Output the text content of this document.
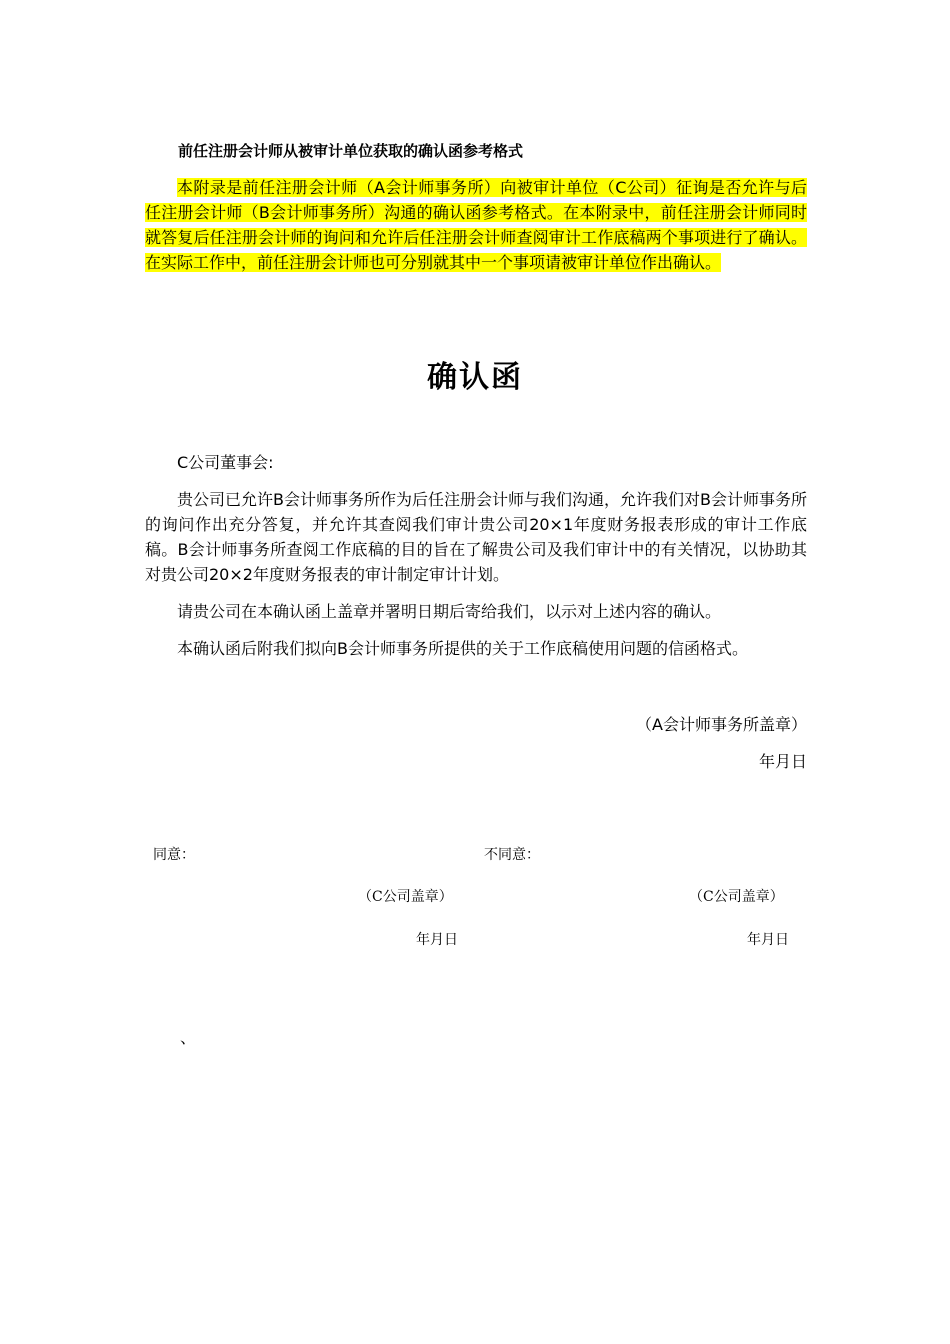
前任注册会计师从被审计单位获取的确认函参考格式
本附录是前任注册会计师（A会计师事务所）向被审计单位（C公司）征询是否允许与后任注册会计师（B会计师事务所）沟通的确认函参考格式。在本附录中，前任注册会计师同时就答复后任注册会计师的询问和允许后任注册会计师查阅审计工作底稿两个事项进行了确认。在实际工作中，前任注册会计师也可分别就其中一个事项请被审计单位作出确认。
确认函
C公司董事会:
贵公司已允许B会计师事务所作为后任注册会计师与我们沟通，允许我们对B会计师事务所的询问作出充分答复，并允许其查阅我们审计贵公司20×1年度财务报表形成的审计工作底稿。B会计师事务所查阅工作底稿的目的旨在了解贵公司及我们审计中的有关情况，以协助其对贵公司20×2年度财务报表的审计制定审计计划。
请贵公司在本确认函上盖章并署明日期后寄给我们，以示对上述内容的确认。
本确认函后附我们拟向B会计师事务所提供的关于工作底稿使用问题的信函格式。
（A会计师事务所盖章）
年月日
同意：	不同意：
（C公司盖章）	（C公司盖章）
年月日	年月日
、
